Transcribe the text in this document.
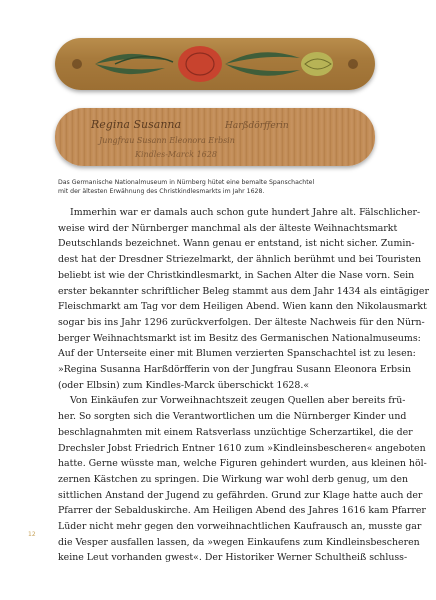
Regina Susanna	Harßdörfferin
Jungfrau Susann Eleonora Erbsin
Kindles-Marck 1628
Das Germanische Nationalmuseum in Nürnberg hütet eine bemalte Spanschachtel
mit der ältesten Erwähnung des Christkindlesmarkts im Jahr 1628.
Immerhin war er damals auch schon gute hundert Jahre alt. Fälschlicher-
weise wird der Nürnberger manchmal als der älteste Weihnachtsmarkt
Deutschlands bezeichnet. Wann genau er entstand, ist nicht sicher. Zumin-
dest hat der Dresdner Striezelmarkt, der ähnlich berühmt und bei Touristen
beliebt ist wie der Christkindlesmarkt, in Sachen Alter die Nase vorn. Sein
erster bekannter schriftlicher Beleg stammt aus dem Jahr 1434 als eintägiger
Fleischmarkt am Tag vor dem Heiligen Abend. Wien kann den Nikolausmarkt
sogar bis ins Jahr 1296 zurückverfolgen. Der älteste Nachweis für den Nürn-
berger Weihnachtsmarkt ist im Besitz des Germanischen Nationalmuseums:
Auf der Unterseite einer mit Blumen verzierten Spanschachtel ist zu lesen:
»Regina Susanna Harßdörfferin von der Jungfrau Susann Eleonora Erbsin
(oder Elbsin) zum Kindles-Marck überschickt 1628.«
Von Einkäufen zur Vorweihnachtszeit zeugen Quellen aber bereits frü-
her. So sorgten sich die Verantwortlichen um die Nürnberger Kinder und
beschlagnahmten mit einem Ratsverlass unzüchtige Scherzartikel, die der
Drechsler Jobst Friedrich Entner 1610 zum »Kindleinsbescheren« angeboten
hatte. Gerne wüsste man, welche Figuren gehindert wurden, aus kleinen höl-
zernen Kästchen zu springen. Die Wirkung war wohl derb genug, um den
sittlichen Anstand der Jugend zu gefährden. Grund zur Klage hatte auch der
Pfarrer der Sebalduskirche. Am Heiligen Abend des Jahres 1616 kam Pfarrer
Lüder nicht mehr gegen den vorweihnachtlichen Kaufrausch an, musste gar
die Vesper ausfallen lassen, da »wegen Einkaufens zum Kindleinsbescheren
keine Leut vorhanden gwest«. Der Historiker Werner Schultheiß schluss-
12
